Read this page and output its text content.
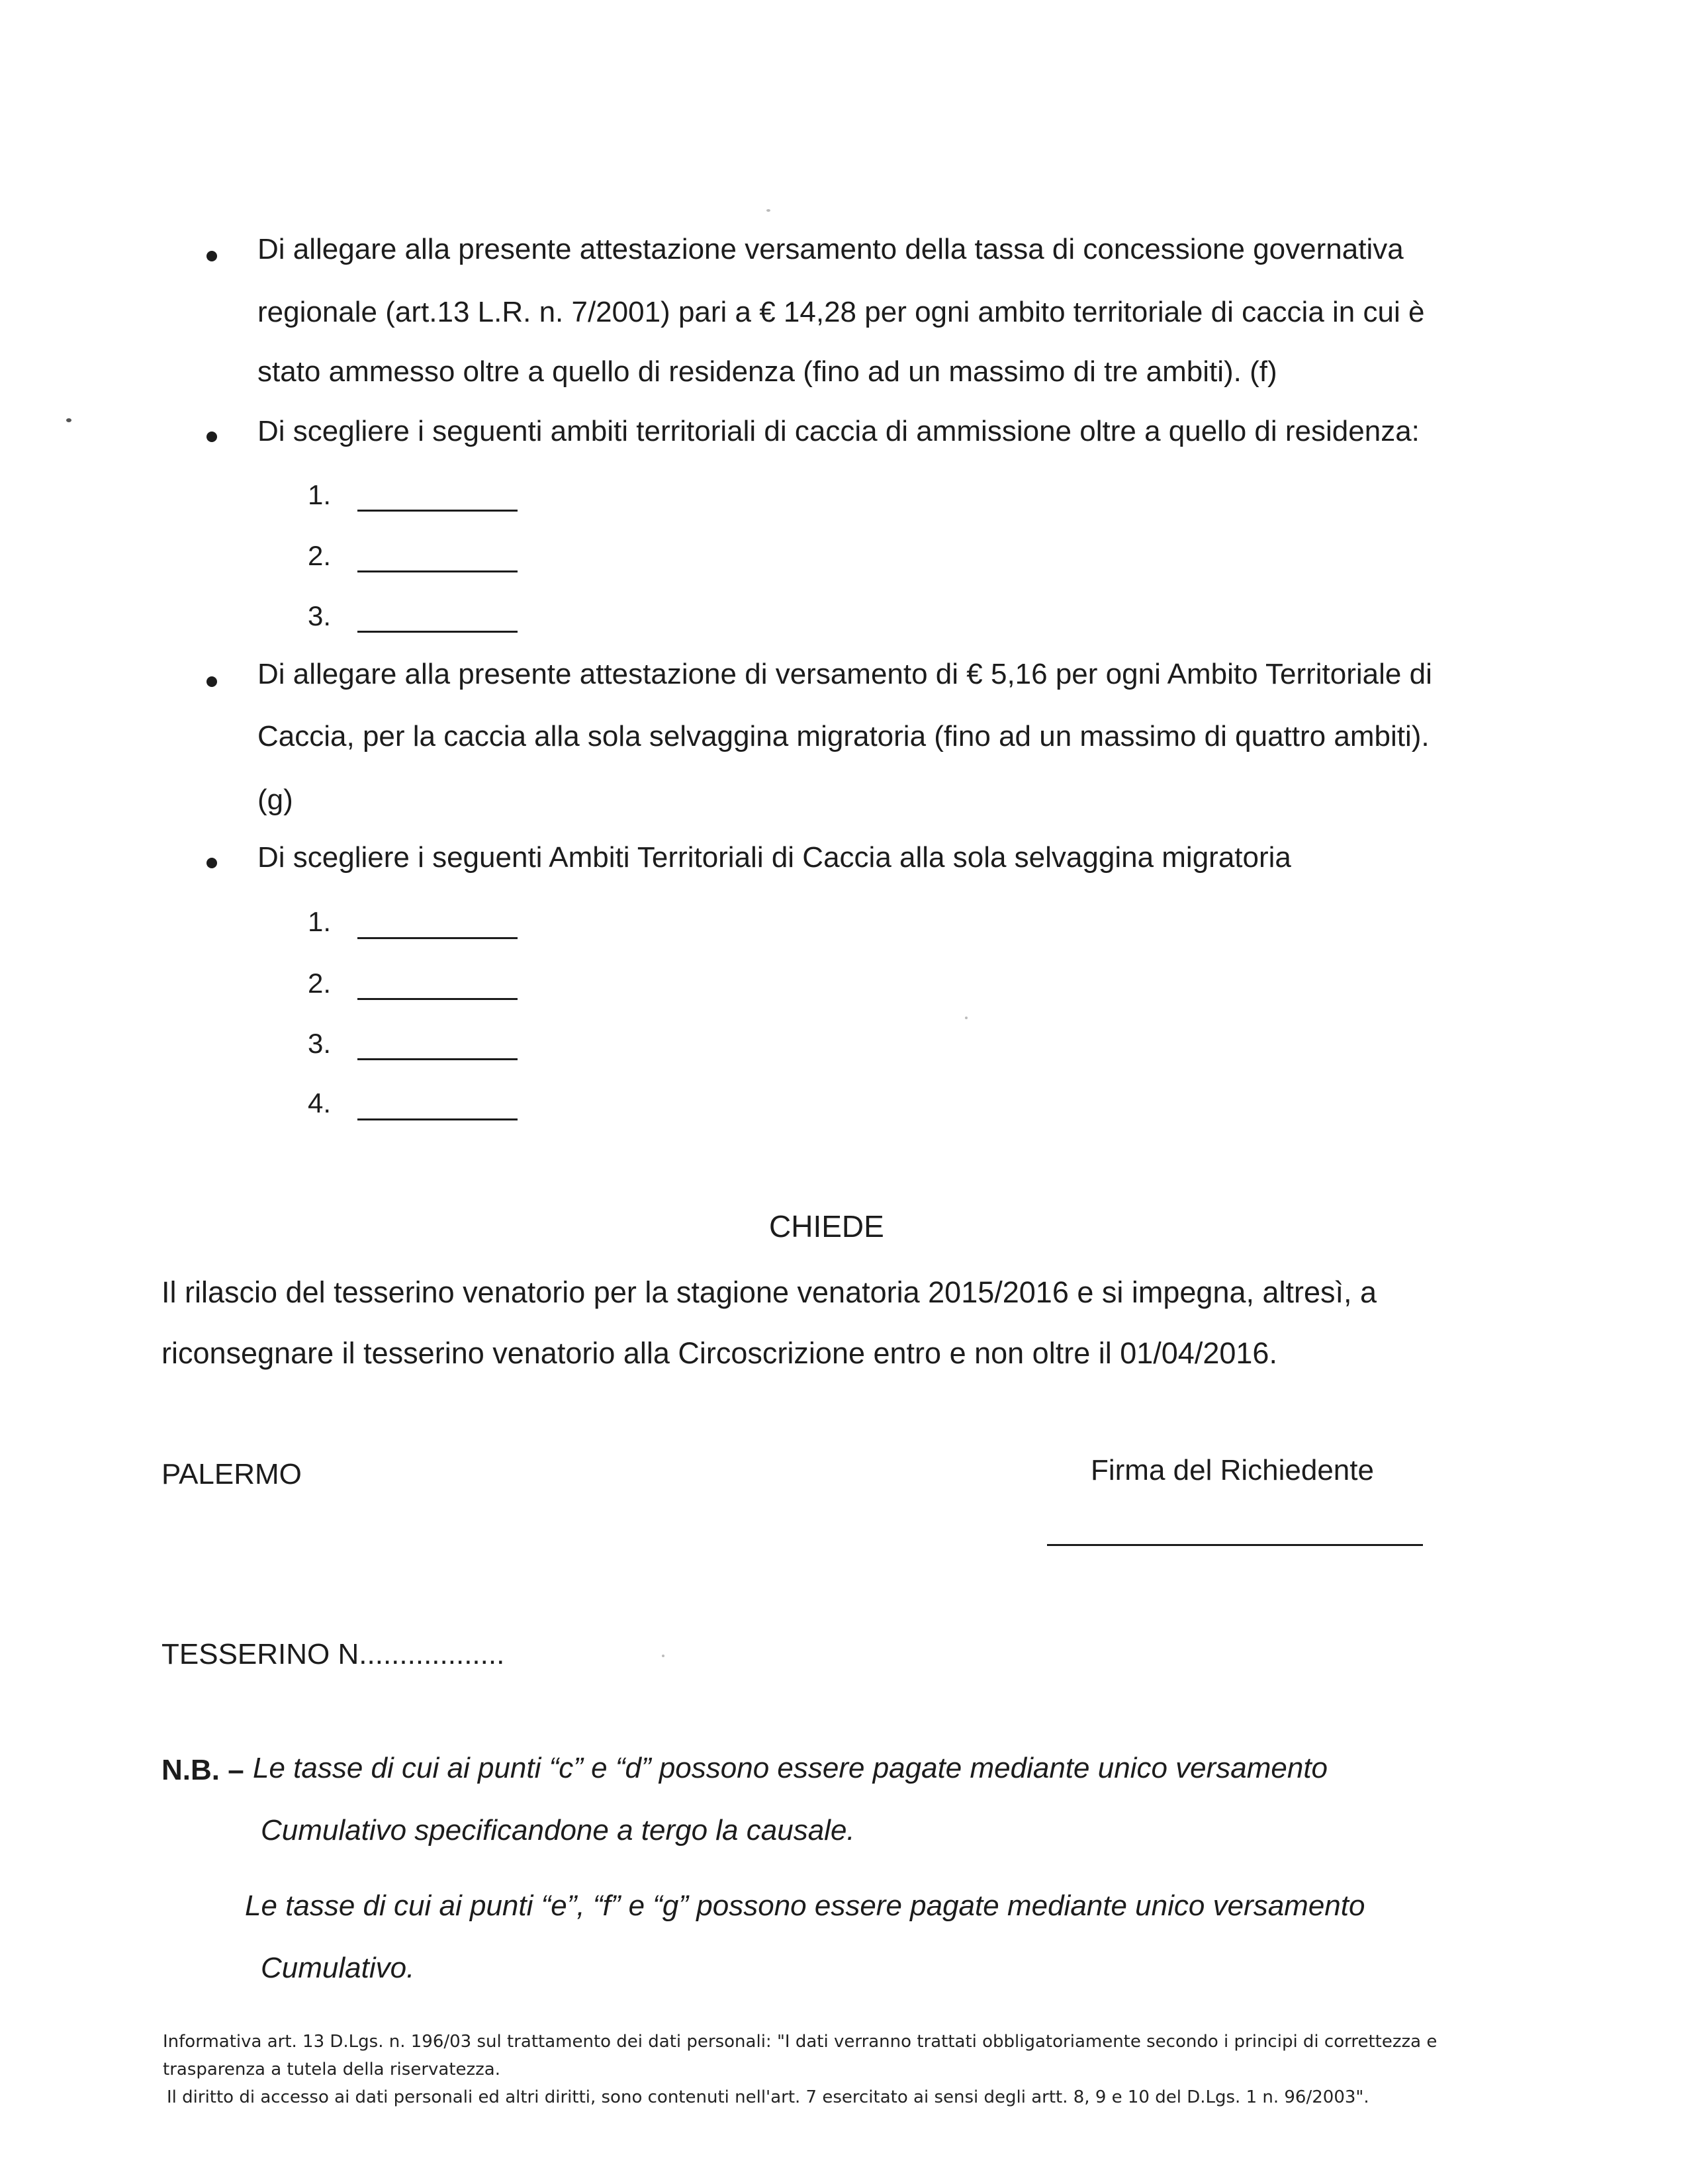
Di allegare alla presente attestazione versamento della tassa di concessione governativa
regionale (art.13 L.R. n. 7/2001) pari a € 14,28 per ogni ambito territoriale di caccia in cui è
stato ammesso oltre a quello di residenza (fino ad un massimo di tre ambiti). (f)
Di scegliere i seguenti ambiti territoriali di caccia di ammissione oltre a quello di residenza:
1.
2.
3.
Di allegare alla presente attestazione di versamento di € 5,16 per ogni Ambito Territoriale di
Caccia, per la caccia alla sola selvaggina migratoria (fino ad un massimo di quattro ambiti).
(g)
Di scegliere i seguenti Ambiti Territoriali di Caccia alla sola selvaggina migratoria
1.
2.
3.
4.
CHIEDE
Il rilascio del tesserino venatorio per la stagione venatoria 2015/2016 e si impegna, altresì, a
riconsegnare il tesserino venatorio alla Circoscrizione entro e non oltre il 01/04/2016.
PALERMO	Firma del Richiedente
TESSERINO N..................
N.B. – Le tasse di cui ai punti “c” e “d” possono essere pagate mediante unico versamento
Cumulativo specificandone a tergo la causale.
Le tasse di cui ai punti “e”, “f” e “g” possono essere pagate mediante unico versamento
Cumulativo.
Informativa art. 13 D.Lgs. n. 196/03 sul trattamento dei dati personali: "I dati verranno trattati obbligatoriamente secondo i principi di correttezza e
trasparenza a tutela della riservatezza.
Il diritto di accesso ai dati personali ed altri diritti, sono contenuti nell'art. 7 esercitato ai sensi degli artt. 8, 9 e 10 del D.Lgs. 1 n. 96/2003".
